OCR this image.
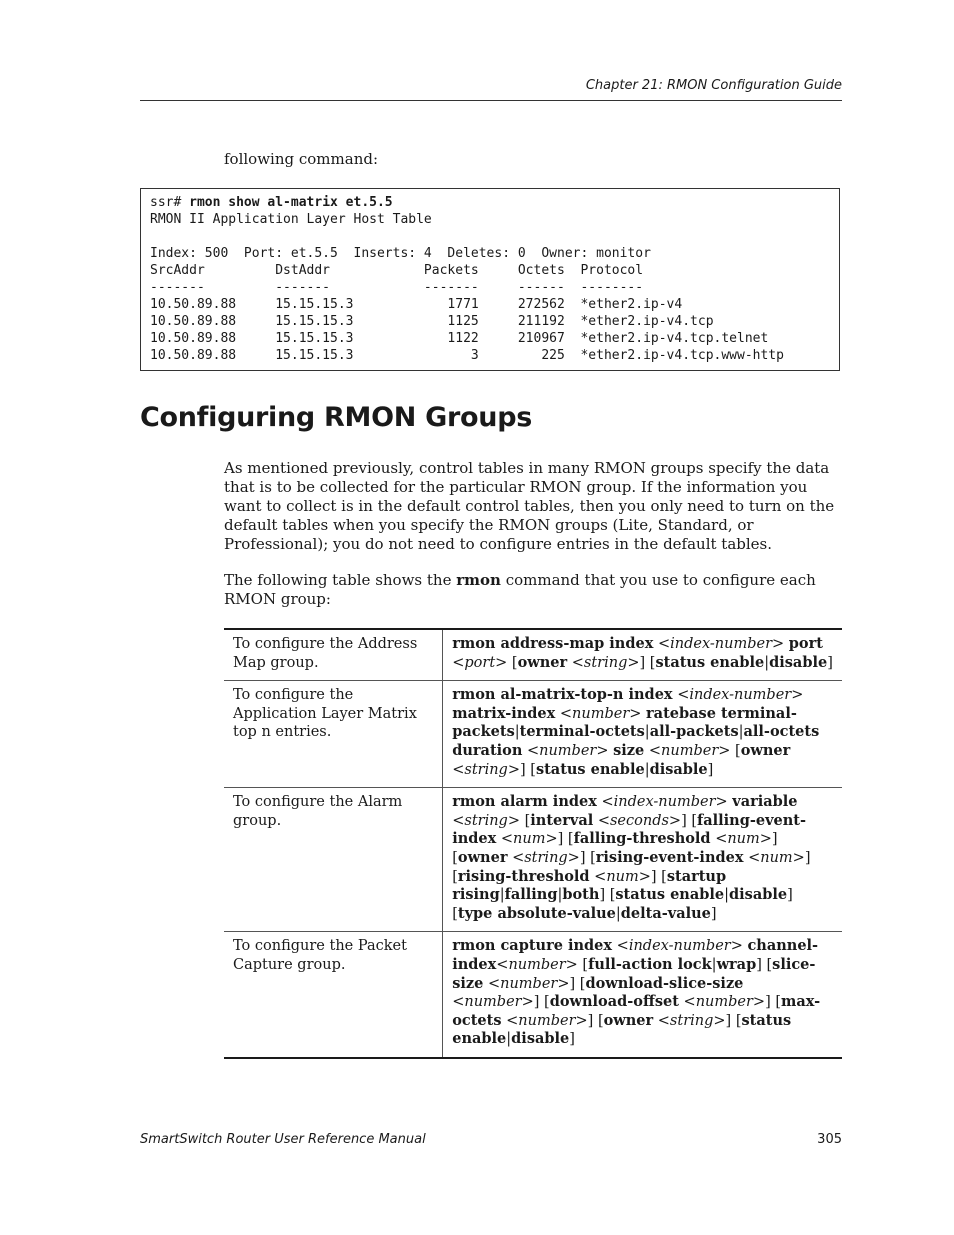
Chapter 21: RMON Configuration Guide
following command:
ssr# rmon show al-matrix et.5.5
RMON II Application Layer Host Table

Index: 500  Port: et.5.5  Inserts: 4  Deletes: 0  Owner: monitor
SrcAddr         DstAddr            Packets     Octets  Protocol
-------         -------            -------     ------  --------
10.50.89.88     15.15.15.3            1771     272562  *ether2.ip-v4
10.50.89.88     15.15.15.3            1125     211192  *ether2.ip-v4.tcp
10.50.89.88     15.15.15.3            1122     210967  *ether2.ip-v4.tcp.telnet
10.50.89.88     15.15.15.3               3        225  *ether2.ip-v4.tcp.www-http
Configuring RMON Groups

As mentioned previously, control tables in many RMON groups specify the data that is to be collected for the particular RMON group. If the information you want to collect is in the default control tables, then you only need to turn on the default tables when you specify the RMON groups (Lite, Standard, or Professional); you do not need to configure entries in the default tables.

The following table shows the rmon command that you use to configure each RMON group:

To configure the Address Map group.	rmon address-map index <index-number> port <port> [owner <string>] [status enable|disable]
To configure the Application Layer Matrix top n entries.	rmon al-matrix-top-n index <index-number> matrix-index <number> ratebase terminal-packets|terminal-octets|all-packets|all-octets duration <number> size <number> [owner <string>] [status enable|disable]
To configure the Alarm group.	rmon alarm index <index-number> variable <string> [interval <seconds>] [falling-event-index <num>] [falling-threshold <num>] [owner <string>] [rising-event-index <num>] [rising-threshold <num>] [startup rising|falling|both] [status enable|disable] [type absolute-value|delta-value]
To configure the Packet Capture group.	rmon capture index <index-number> channel-index<number> [full-action lock|wrap] [slice-size <number>] [download-slice-size <number>] [download-offset <number>] [max-octets <number>] [owner <string>] [status enable|disable]
SmartSwitch Router User Reference Manual	305
